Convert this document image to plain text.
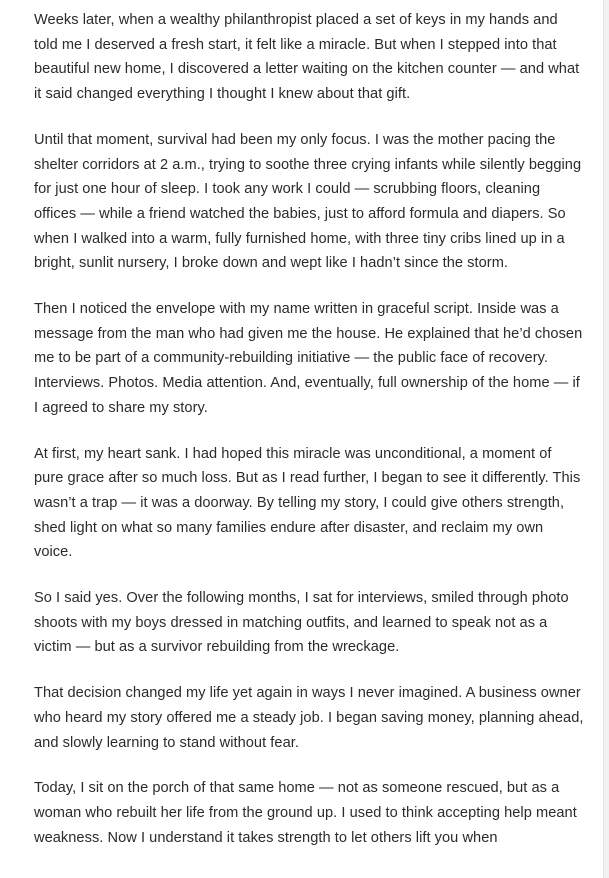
Weeks later, when a wealthy philanthropist placed a set of keys in my hands and told me I deserved a fresh start, it felt like a miracle. But when I stepped into that beautiful new home, I discovered a letter waiting on the kitchen counter — and what it said changed everything I thought I knew about that gift.

Until that moment, survival had been my only focus. I was the mother pacing the shelter corridors at 2 a.m., trying to soothe three crying infants while silently begging for just one hour of sleep. I took any work I could — scrubbing floors, cleaning offices — while a friend watched the babies, just to afford formula and diapers. So when I walked into a warm, fully furnished home, with three tiny cribs lined up in a bright, sunlit nursery, I broke down and wept like I hadn’t since the storm.

Then I noticed the envelope with my name written in graceful script. Inside was a message from the man who had given me the house. He explained that he’d chosen me to be part of a community-rebuilding initiative — the public face of recovery. Interviews. Photos. Media attention. And, eventually, full ownership of the home — if I agreed to share my story.

At first, my heart sank. I had hoped this miracle was unconditional, a moment of pure grace after so much loss. But as I read further, I began to see it differently. This wasn’t a trap — it was a doorway. By telling my story, I could give others strength, shed light on what so many families endure after disaster, and reclaim my own voice.

So I said yes. Over the following months, I sat for interviews, smiled through photo shoots with my boys dressed in matching outfits, and learned to speak not as a victim — but as a survivor rebuilding from the wreckage.

That decision changed my life yet again in ways I never imagined. A business owner who heard my story offered me a steady job. I began saving money, planning ahead, and slowly learning to stand without fear.

Today, I sit on the porch of that same home — not as someone rescued, but as a woman who rebuilt her life from the ground up. I used to think accepting help meant weakness. Now I understand it takes strength to let others lift you when
